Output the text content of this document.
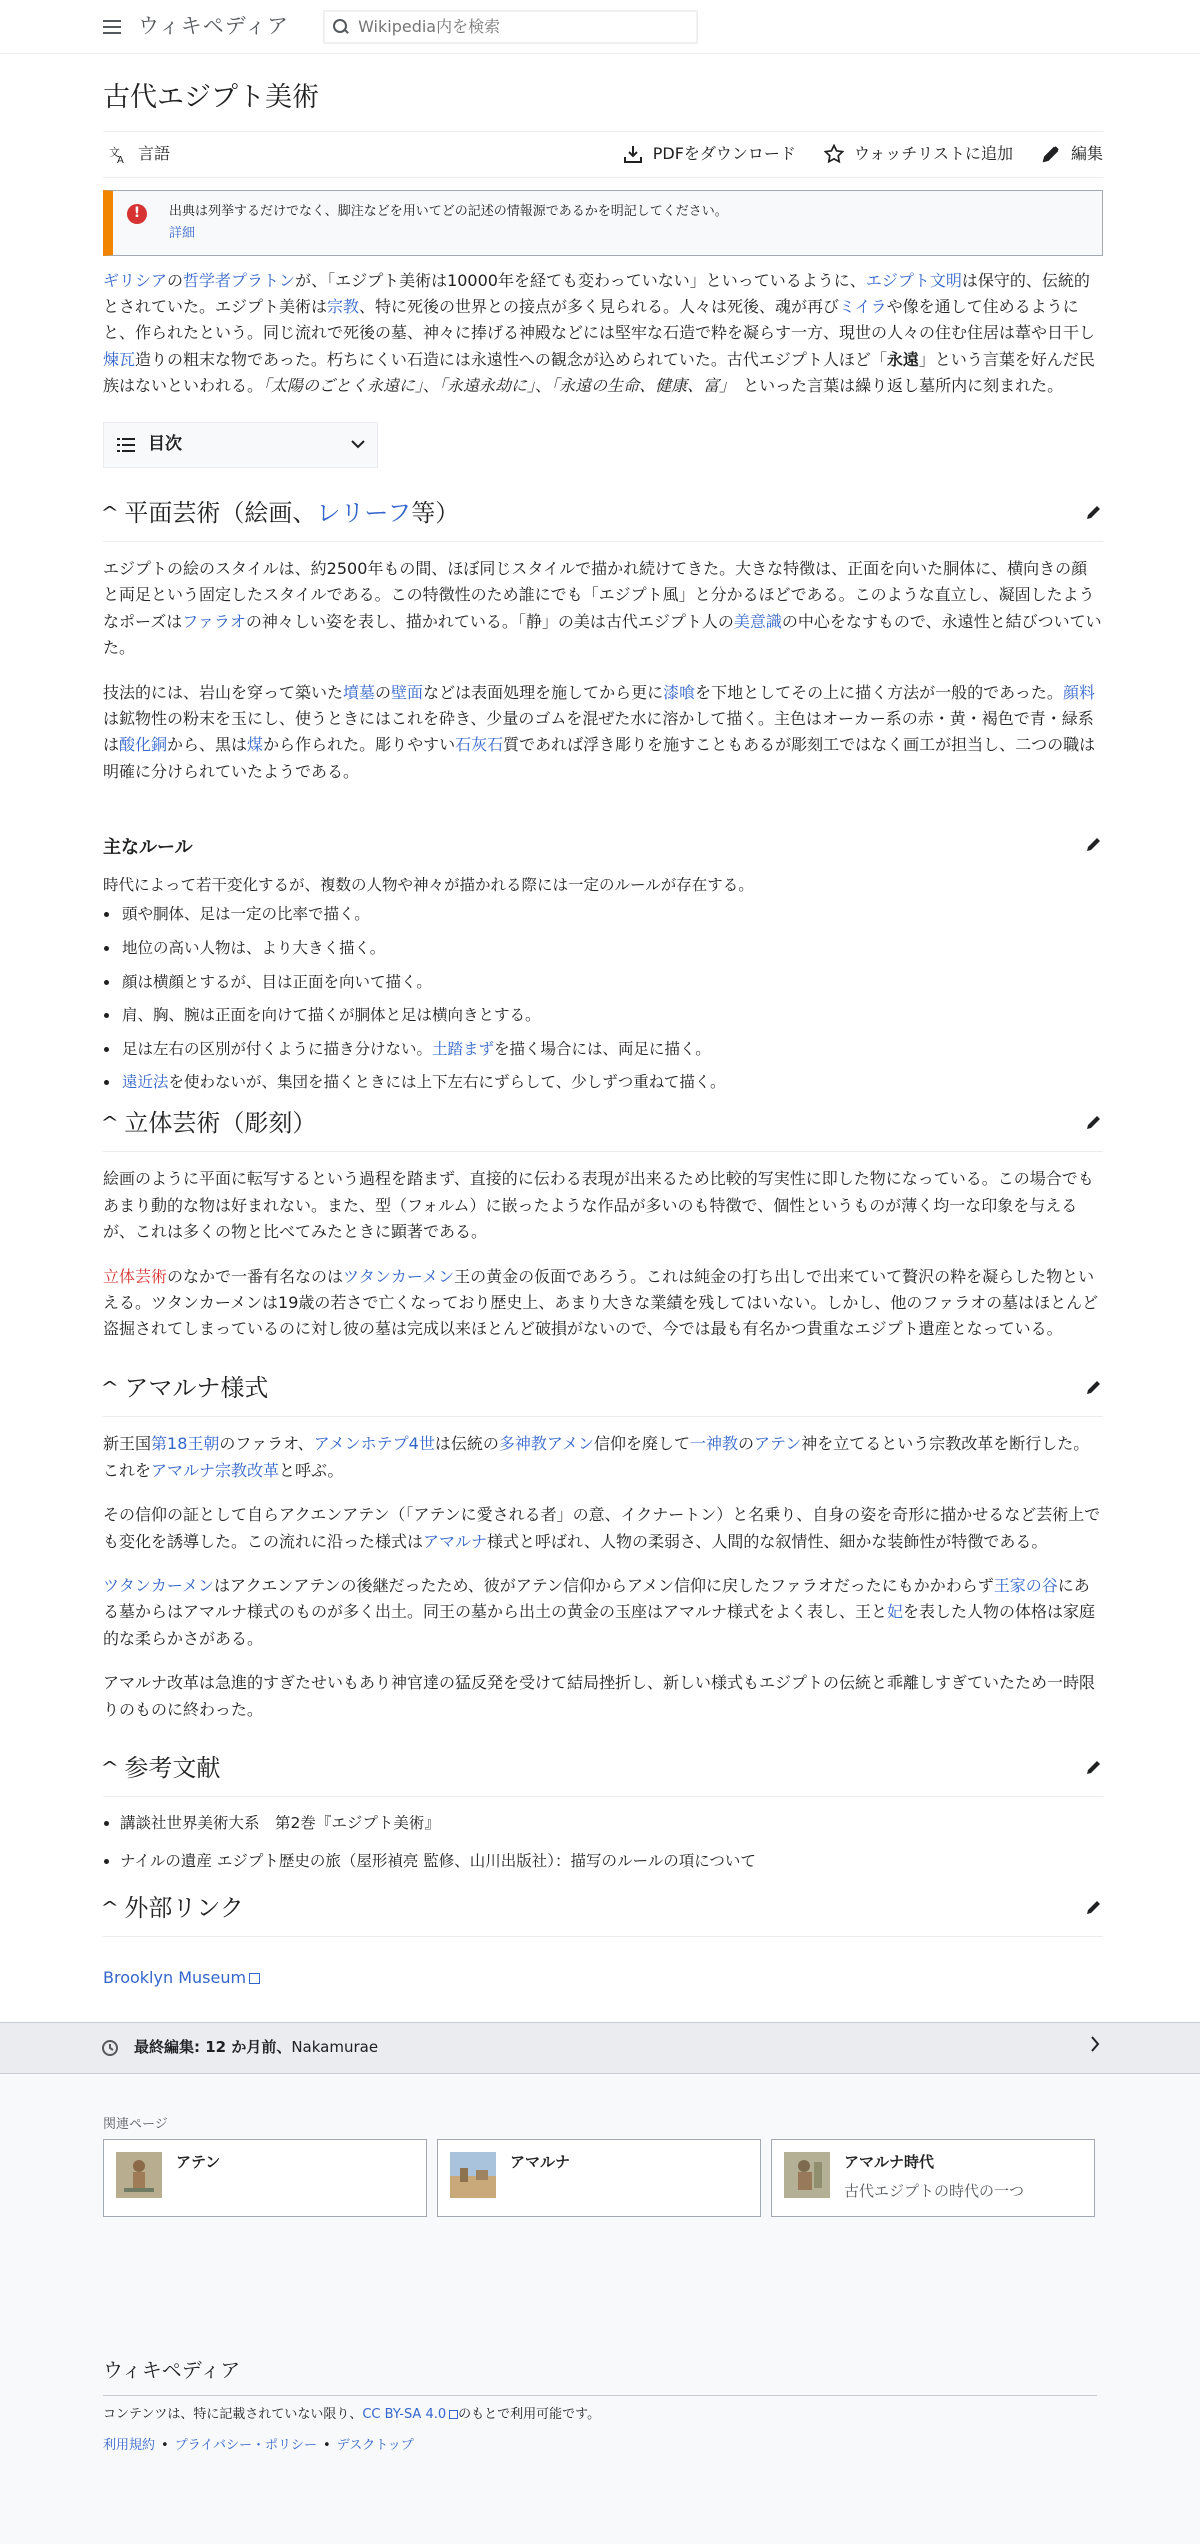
ウィキペディア
Wikipedia内を検索
古代エジプト美術
文
A 言語	PDFをダウンロード	ウォッチリストに追加	編集
!	出典は列挙するだけでなく、脚注などを用いてどの記述の情報源であるかを明記してください。

詳細

ギリシアの哲学者プラトンが、「エジプト美術は10000年を経ても変わっていない」といっているように、エジプト文明は保守的、伝統的とされていた。エジプト美術は宗教、特に死後の世界との接点が多く見られる。人々は死後、魂が再びミイラや像を通して住めるようにと、作られたという。同じ流れで死後の墓、神々に捧げる神殿などには堅牢な石造で粋を凝らす一方、現世の人々の住む住居は葦や日干し煉瓦造りの粗末な物であった。朽ちにくい石造には永遠性への観念が込められていた。古代エジプト人ほど「永遠」という言葉を好んだ民族はないといわれる。「太陽のごとく永遠に」、「永遠永劫に」、「永遠の生命、健康、富」　といった言葉は繰り返し墓所内に刻まれた。

目次
^ 平面芸術（絵画、 レリーフ 等）

エジプトの絵のスタイルは、約2500年もの間、ほぼ同じスタイルで描かれ続けてきた。大きな特徴は、正面を向いた胴体に、横向きの顔と両足という固定したスタイルである。この特徴性のため誰にでも「エジプト風」と分かるほどである。このような直立し、凝固したようなポーズはファラオの神々しい姿を表し、描かれている。「静」の美は古代エジプト人の美意識の中心をなすもので、永遠性と結びついていた。

技法的には、岩山を穿って築いた墳墓の壁面などは表面処理を施してから更に漆喰を下地としてその上に描く方法が一般的であった。顔料は鉱物性の粉末を玉にし、使うときにはこれを砕き、少量のゴムを混ぜた水に溶かして描く。主色はオーカー系の赤・黄・褐色で青・緑系は酸化銅から、黒は煤から作られた。彫りやすい石灰石質であれば浮き彫りを施すこともあるが彫刻工ではなく画工が担当し、二つの職は明確に分けられていたようである。

主なルール

時代によって若干変化するが、複数の人物や神々が描かれる際には一定のルールが存在する。

• 頭や胴体、足は一定の比率で描く。
• 地位の高い人物は、より大きく描く。
• 顔は横顔とするが、目は正面を向いて描く。
• 肩、胸、腕は正面を向けて描くが胴体と足は横向きとする。
• 足は左右の区別が付くように描き分けない。土踏まずを描く場合には、両足に描く。
• 遠近法を使わないが、集団を描くときには上下左右にずらして、少しずつ重ねて描く。
^ 立体芸術（彫刻）

絵画のように平面に転写するという過程を踏まず、直接的に伝わる表現が出来るため比較的写実性に即した物になっている。この場合でもあまり動的な物は好まれない。また、型（フォルム）に嵌ったような作品が多いのも特徴で、個性というものが薄く均一な印象を与えるが、これは多くの物と比べてみたときに顕著である。

立体芸術のなかで一番有名なのはツタンカーメン王の黄金の仮面であろう。これは純金の打ち出しで出来ていて贅沢の粋を凝らした物といえる。ツタンカーメンは19歳の若さで亡くなっており歴史上、あまり大きな業績を残してはいない。しかし、他のファラオの墓はほとんど盗掘されてしまっているのに対し彼の墓は完成以来ほとんど破損がないので、今では最も有名かつ貴重なエジプト遺産となっている。

^ アマルナ様式

新王国第18王朝のファラオ、アメンホテプ4世は伝統の多神教アメン信仰を廃して一神教のアテン神を立てるという宗教改革を断行した。これをアマルナ宗教改革と呼ぶ。

その信仰の証として自らアクエンアテン（「アテンに愛される者」の意、イクナートン）と名乗り、自身の姿を奇形に描かせるなど芸術上でも変化を誘導した。この流れに沿った様式はアマルナ様式と呼ばれ、人物の柔弱さ、人間的な叙情性、細かな装飾性が特徴である。

ツタンカーメンはアクエンアテンの後継だったため、彼がアテン信仰からアメン信仰に戻したファラオだったにもかかわらず王家の谷にある墓からはアマルナ様式のものが多く出土。同王の墓から出土の黄金の玉座はアマルナ様式をよく表し、王と妃を表した人物の体格は家庭的な柔らかさがある。

アマルナ改革は急進的すぎたせいもあり神官達の猛反発を受けて結局挫折し、新しい様式もエジプトの伝統と乖離しすぎていたため一時限りのものに終わった。

^ 参考文献
• 講談社世界美術大系　第2巻『エジプト美術』
• ナイルの遺産 エジプト歴史の旅（屋形禎亮 監修、山川出版社）：描写のルールの項について
^ 外部リンク
Brooklyn Museum
最終編集: 12 か月前、 Nakamurae
関連ページ
アテン	アマルナ	アマルナ時代
古代エジプトの時代の一つ
ウィキペディア
コンテンツは、特に記載されていない限り、CC BY-SA 4.0 のもとで利用可能です。
利用規約 • プライバシー・ポリシー • デスクトップ
